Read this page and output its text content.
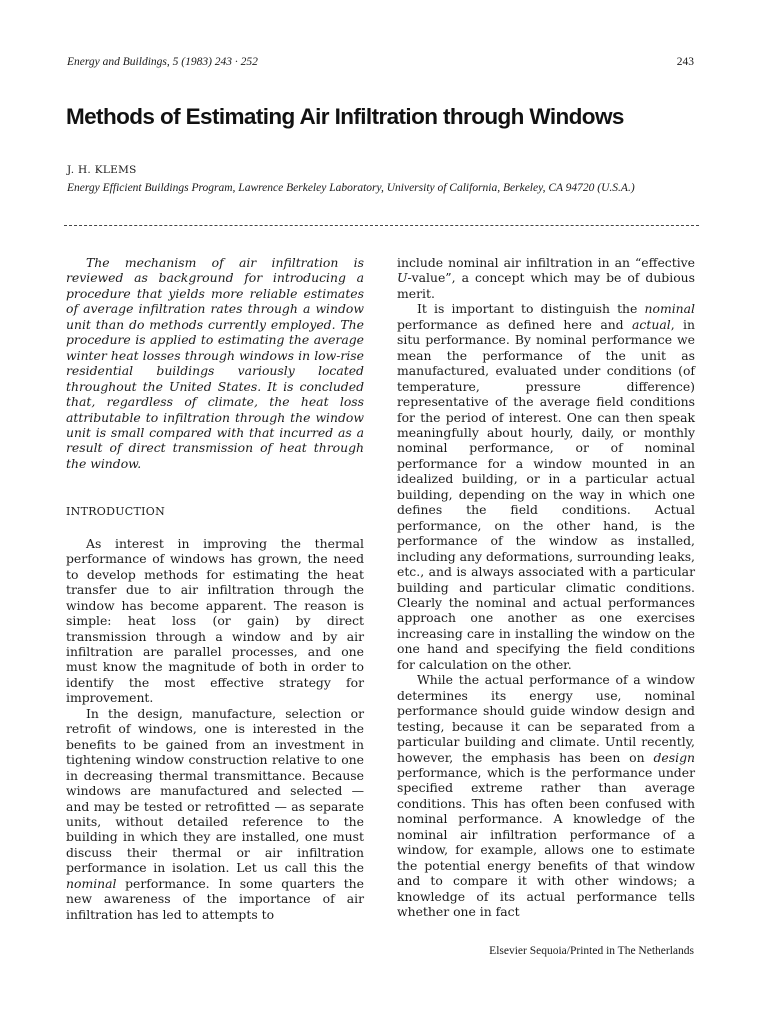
Energy and Buildings, 5 (1983) 243 · 252	243
Methods of Estimating Air Infiltration through Windows
J. H. KLEMS
Energy Efficient Buildings Program, Lawrence Berkeley Laboratory, University of California, Berkeley, CA 94720 (U.S.A.)

The mechanism of air infiltration is reviewed as background for introducing a procedure that yields more reliable estimates of average infiltration rates through a window unit than do methods currently employed. The procedure is applied to estimating the average winter heat losses through windows in low-rise residential buildings variously located throughout the United States. It is concluded that, regardless of climate, the heat loss attributable to infiltration through the window unit is small compared with that incurred as a result of direct transmission of heat through the window.

INTRODUCTION

As interest in improving the thermal performance of windows has grown, the need to develop methods for estimating the heat transfer due to air infiltration through the window has become apparent. The reason is simple: heat loss (or gain) by direct transmission through a window and by air infiltration are parallel processes, and one must know the magnitude of both in order to identify the most effective strategy for improvement.

In the design, manufacture, selection or retrofit of windows, one is interested in the benefits to be gained from an investment in tightening window construction relative to one in decreasing thermal transmittance. Because windows are manufactured and selected — and may be tested or retrofitted — as separate units, without detailed reference to the building in which they are installed, one must discuss their thermal or air infiltration performance in isolation. Let us call this the nominal performance. In some quarters the new awareness of the importance of air infiltration has led to attempts to

include nominal air infiltration in an “effective U-value”, a concept which may be of dubious merit.

It is important to distinguish the nominal performance as defined here and actual, in situ performance. By nominal performance we mean the performance of the unit as manufactured, evaluated under conditions (of temperature, pressure difference) representative of the average field conditions for the period of interest. One can then speak meaningfully about hourly, daily, or monthly nominal performance, or of nominal performance for a window mounted in an idealized building, or in a particular actual building, depending on the way in which one defines the field conditions. Actual performance, on the other hand, is the performance of the window as installed, including any deformations, surrounding leaks, etc., and is always associated with a particular building and particular climatic conditions. Clearly the nominal and actual performances approach one another as one exercises increasing care in installing the window on the one hand and specifying the field conditions for calculation on the other.

While the actual performance of a window determines its energy use, nominal performance should guide window design and testing, because it can be separated from a particular building and climate. Until recently, however, the emphasis has been on design performance, which is the performance under specified extreme rather than average conditions. This has often been confused with nominal performance. A knowledge of the nominal air infiltration performance of a window, for example, allows one to estimate the potential energy benefits of that window and to compare it with other windows; a knowledge of its actual performance tells whether one in fact

Elsevier Sequoia/Printed in The Netherlands
